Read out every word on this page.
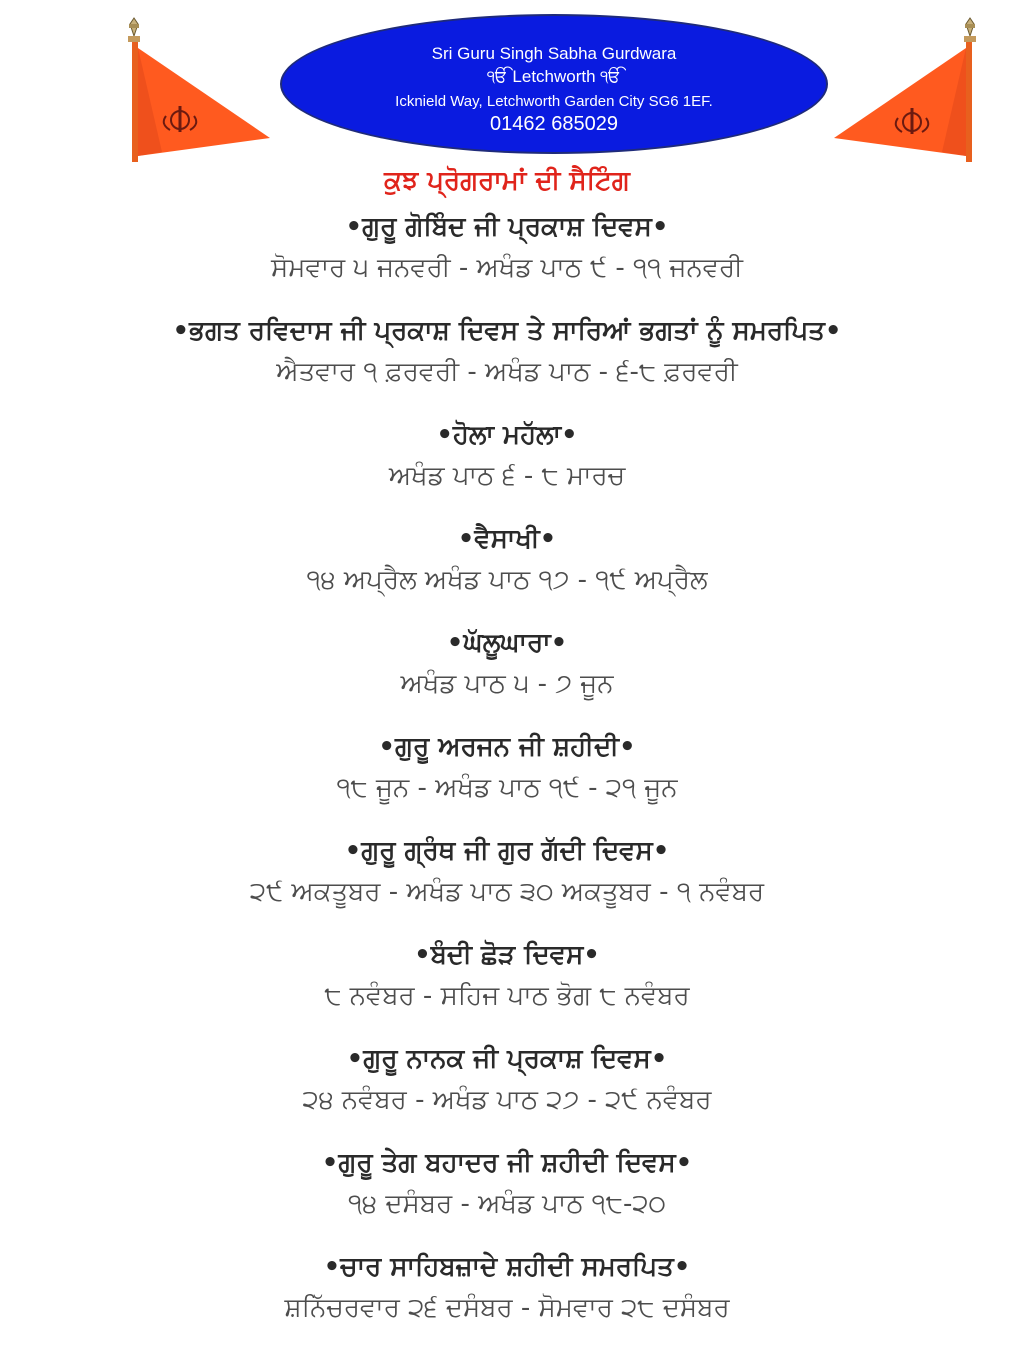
Sri Guru Singh Sabha Gurdwara
ੴ Letchworth ੴ
Icknield Way, Letchworth Garden City SG6 1EF.
01462 685029
ਕੁਝ ਪ੍ਰੋਗਰਾਮਾਂ ਦੀ ਸੈਟਿੰਗ
•ਗੁਰੂ ਗੋਬਿੰਦ ਜੀ ਪ੍ਰਕਾਸ਼ ਦਿਵਸ•
ਸੋਮਵਾਰ ੫ ਜਨਵਰੀ - ਅਖੰਡ ਪਾਠ ੯ - ੧੧ ਜਨਵਰੀ
•ਭਗਤ ਰਵਿਦਾਸ ਜੀ ਪ੍ਰਕਾਸ਼ ਦਿਵਸ ਤੇ ਸਾਰਿਆਂ ਭਗਤਾਂ ਨੂੰ ਸਮਰਪਿਤ•
ਐਤਵਾਰ ੧ ਫ਼ਰਵਰੀ - ਅਖੰਡ ਪਾਠ - ੬-੮ ਫ਼ਰਵਰੀ
•ਹੋਲਾ ਮਹੱਲਾ•
ਅਖੰਡ ਪਾਠ ੬ - ੮ ਮਾਰਚ
•ਵੈਸਾਖੀ•
੧੪ ਅਪ੍ਰੈਲ ਅਖੰਡ ਪਾਠ ੧੭ - ੧੯ ਅਪ੍ਰੈਲ
•ਘੱਲੂਘਾਰਾ•
ਅਖੰਡ ਪਾਠ ੫ - ੭ ਜੂਨ
•ਗੁਰੂ ਅਰਜਨ ਜੀ ਸ਼ਹੀਦੀ•
੧੮ ਜੂਨ - ਅਖੰਡ ਪਾਠ ੧੯ - ੨੧ ਜੂਨ
•ਗੁਰੂ ਗ੍ਰੰਥ ਜੀ ਗੁਰ ਗੱਦੀ ਦਿਵਸ•
੨੯ ਅਕਤੂਬਰ - ਅਖੰਡ ਪਾਠ ੩੦ ਅਕਤੂਬਰ - ੧ ਨਵੰਬਰ
•ਬੰਦੀ ਛੋੜ ਦਿਵਸ•
੮ ਨਵੰਬਰ - ਸਹਿਜ ਪਾਠ ਭੋਗ ੮ ਨਵੰਬਰ
•ਗੁਰੂ ਨਾਨਕ ਜੀ ਪ੍ਰਕਾਸ਼ ਦਿਵਸ•
੨੪ ਨਵੰਬਰ - ਅਖੰਡ ਪਾਠ ੨੭ - ੨੯ ਨਵੰਬਰ
•ਗੁਰੂ ਤੇਗ ਬਹਾਦਰ ਜੀ ਸ਼ਹੀਦੀ ਦਿਵਸ•
੧੪ ਦਸੰਬਰ - ਅਖੰਡ ਪਾਠ ੧੮-੨੦
•ਚਾਰ ਸਾਹਿਬਜ਼ਾਦੇ ਸ਼ਹੀਦੀ ਸਮਰਪਿਤ•
ਸ਼ਨਿੱਚਰਵਾਰ ੨੬ ਦਸੰਬਰ - ਸੋਮਵਾਰ ੨੮ ਦਸੰਬਰ
